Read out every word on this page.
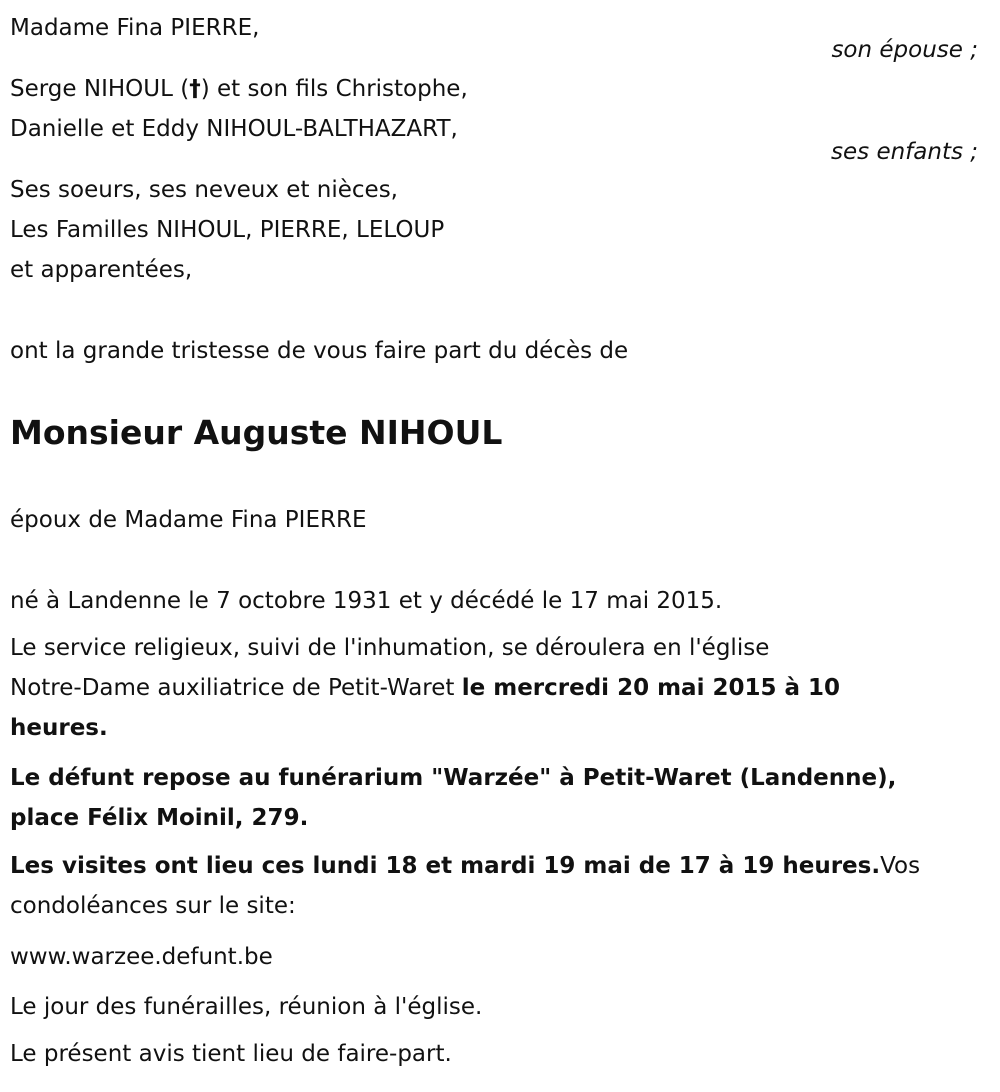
Madame Fina PIERRE,
son épouse ;
Serge NIHOUL (†) et son fils Christophe,
Danielle et Eddy NIHOUL-BALTHAZART,
ses enfants ;
Ses soeurs, ses neveux et nièces,
Les Familles NIHOUL, PIERRE, LELOUP
et apparentées,
ont la grande tristesse de vous faire part du décès de
Monsieur Auguste NIHOUL
époux de Madame Fina PIERRE
né à Landenne le 7 octobre 1931 et y décédé le 17 mai 2015.
Le service religieux, suivi de l'inhumation, se déroulera en l'église
Notre-Dame auxiliatrice de Petit-Waret le mercredi 20 mai 2015 à 10
heures.
Le défunt repose au funérarium "Warzée" à Petit-Waret (Landenne),
place Félix Moinil, 279.
Les visites ont lieu ces lundi 18 et mardi 19 mai de 17 à 19 heures.Vos
condoléances sur le site:
www.warzee.defunt.be
Le jour des funérailles, réunion à l'église.
Le présent avis tient lieu de faire-part.
